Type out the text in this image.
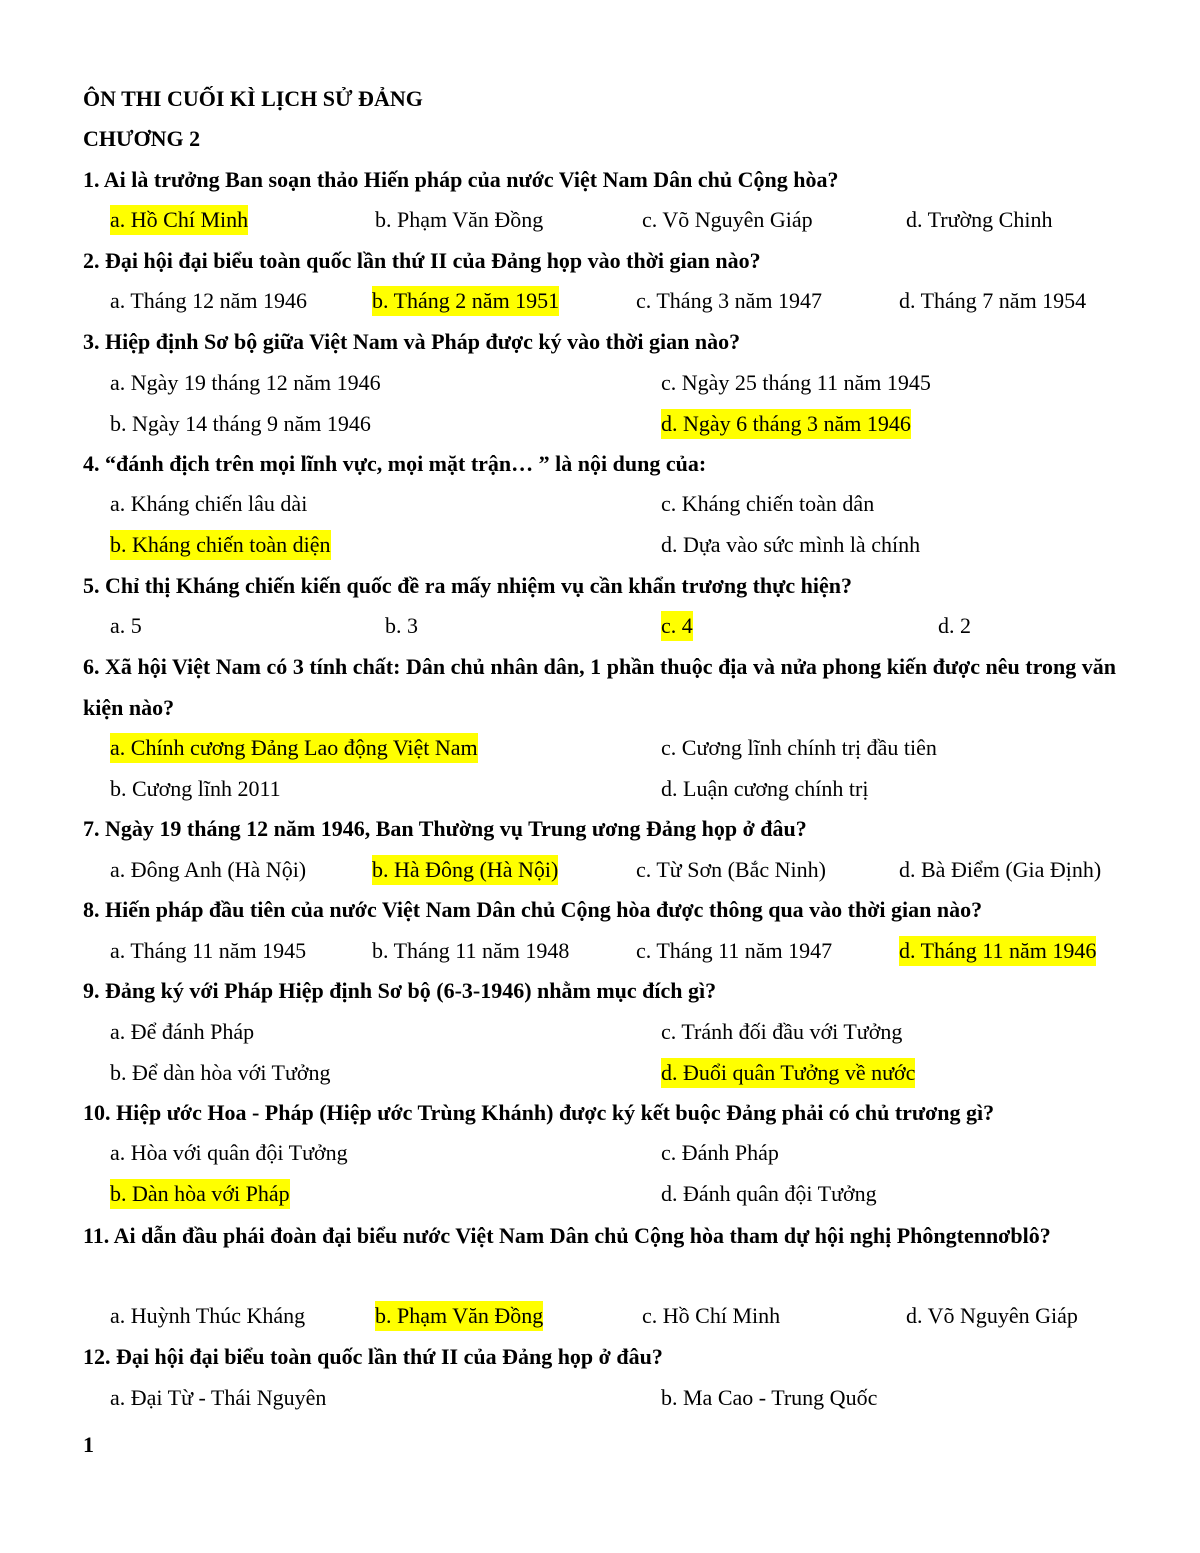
ÔN THI CUỐI KÌ LỊCH SỬ ĐẢNG
CHƯƠNG 2
1. Ai là trưởng Ban soạn thảo Hiến pháp của nước Việt Nam Dân chủ Cộng hòa?
a. Hồ Chí Minh	b. Phạm Văn Đồng	c. Võ Nguyên Giáp	d. Trường Chinh
2. Đại hội đại biểu toàn quốc lần thứ II của Đảng họp vào thời gian nào?
a. Tháng 12 năm 1946	b. Tháng 2 năm 1951	c. Tháng 3 năm 1947	d. Tháng 7 năm 1954
3. Hiệp định Sơ bộ giữa Việt Nam và Pháp được ký vào thời gian nào?
a. Ngày 19 tháng 12 năm 1946	c. Ngày 25 tháng 11 năm 1945
b. Ngày 14 tháng 9 năm 1946	d. Ngày 6 tháng 3 năm 1946
4. “đánh địch trên mọi lĩnh vực, mọi mặt trận… ” là nội dung của:
a. Kháng chiến lâu dài	c. Kháng chiến toàn dân
b. Kháng chiến toàn diện	d. Dựa vào sức mình là chính
5. Chỉ thị Kháng chiến kiến quốc đề ra mấy nhiệm vụ cần khẩn trương thực hiện?
a. 5	b. 3	c. 4	d. 2
6. Xã hội Việt Nam có 3 tính chất: Dân chủ nhân dân, 1 phần thuộc địa và nửa phong kiến được nêu trong văn kiện nào?
a. Chính cương Đảng Lao động Việt Nam	c. Cương lĩnh chính trị đầu tiên
b. Cương lĩnh 2011	d. Luận cương chính trị
7. Ngày 19 tháng 12 năm 1946, Ban Thường vụ Trung ương Đảng họp ở đâu?
a. Đông Anh (Hà Nội)	b. Hà Đông (Hà Nội)	c. Từ Sơn (Bắc Ninh)	d. Bà Điểm (Gia Định)
8. Hiến pháp đầu tiên của nước Việt Nam Dân chủ Cộng hòa được thông qua vào thời gian nào?
a. Tháng 11 năm 1945	b. Tháng 11 năm 1948	c. Tháng 11 năm 1947	d. Tháng 11 năm 1946
9. Đảng ký với Pháp Hiệp định Sơ bộ (6-3-1946) nhằm mục đích gì?
a. Để đánh Pháp	c. Tránh đối đầu với Tưởng
b. Để dàn hòa với Tưởng	d. Đuổi quân Tưởng về nước
10. Hiệp ước Hoa - Pháp (Hiệp ước Trùng Khánh) được ký kết buộc Đảng phải có chủ trương gì?
a. Hòa với quân đội Tưởng	c. Đánh Pháp
b. Dàn hòa với Pháp	d. Đánh quân đội Tưởng
11. Ai dẫn đầu phái đoàn đại biểu nước Việt Nam Dân chủ Cộng hòa tham dự hội nghị Phôngtennơblô?
a. Huỳnh Thúc Kháng	b. Phạm Văn Đồng	c. Hồ Chí Minh	d. Võ Nguyên Giáp
12. Đại hội đại biểu toàn quốc lần thứ II của Đảng họp ở đâu?
a. Đại Từ - Thái Nguyên	b. Ma Cao - Trung Quốc
1
